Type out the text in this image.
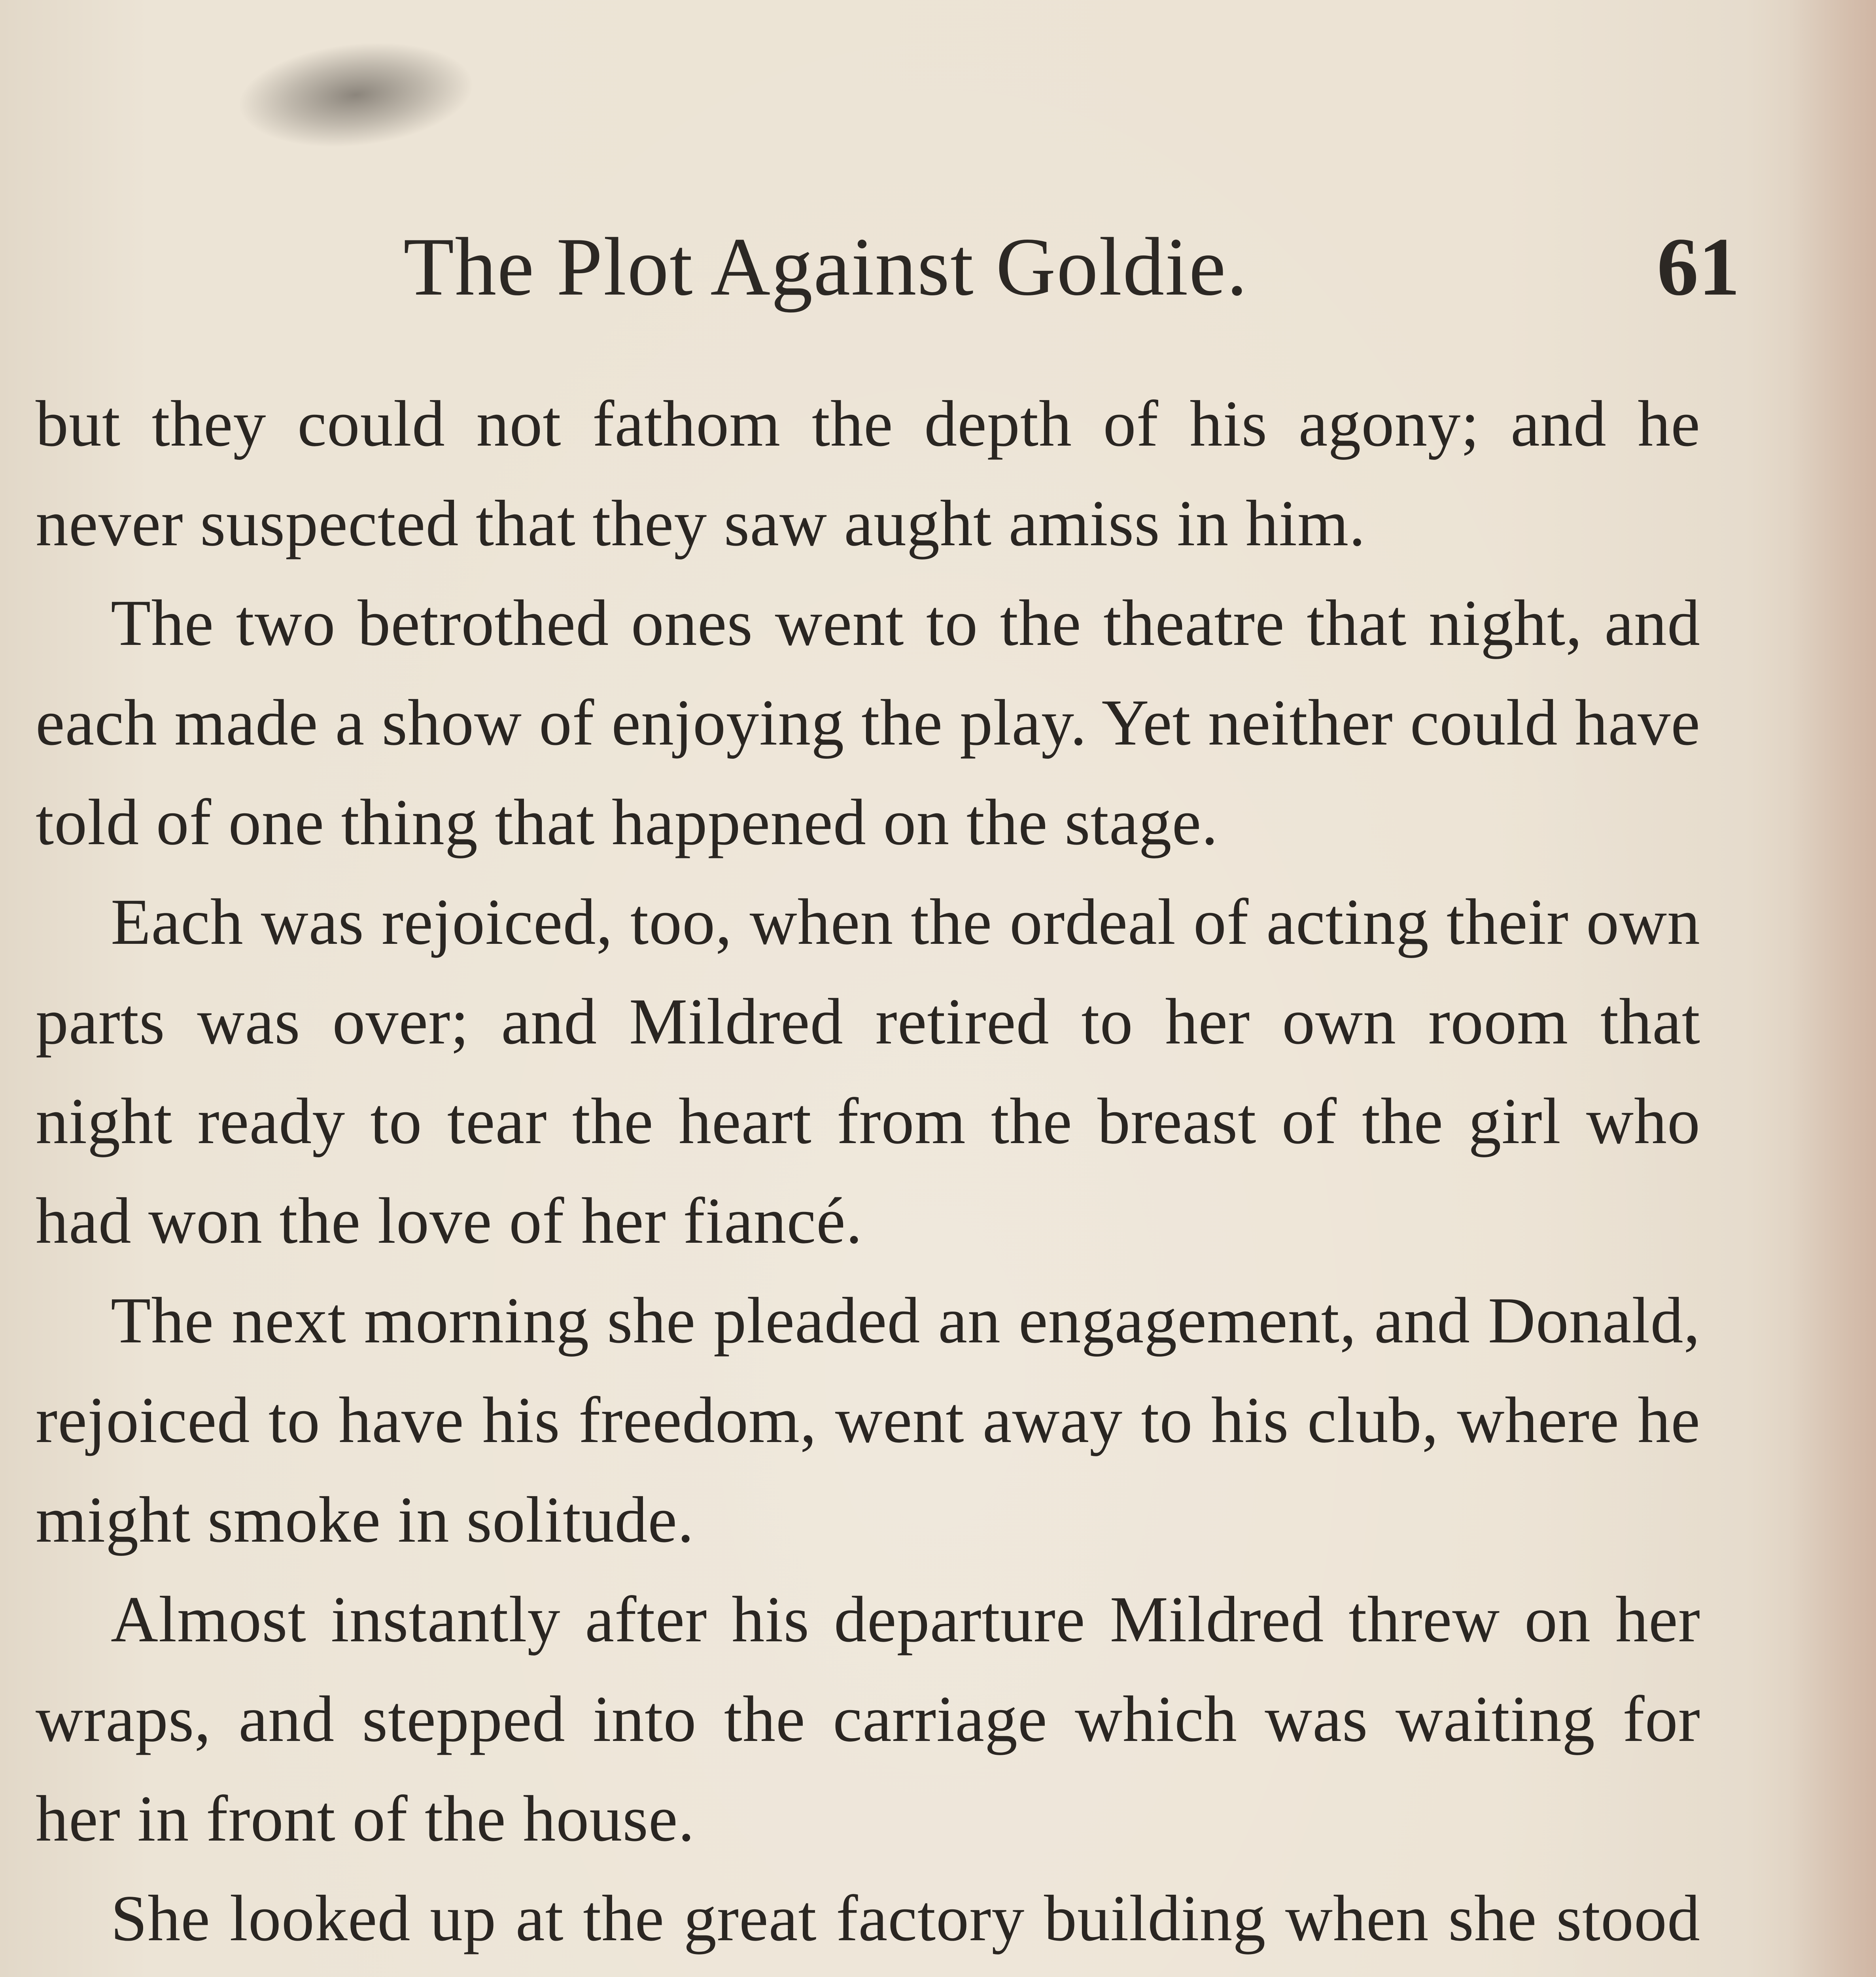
The Plot Against Goldie.	61

but they could not fathom the depth of his agony; and he never suspected that they saw aught amiss in him.

The two betrothed ones went to the theatre that night, and each made a show of enjoying the play. Yet neither could have told of one thing that happened on the stage.

Each was rejoiced, too, when the ordeal of acting their own parts was over; and Mildred retired to her own room that night ready to tear the heart from the breast of the girl who had won the love of her fiancé.

The next morning she pleaded an engagement, and Donald, rejoiced to have his freedom, went away to his club, where he might smoke in solitude.

Almost instantly after his departure Mildred threw on her wraps, and stepped into the carriage which was waiting for her in front of the house.

She looked up at the great factory building when she stood
